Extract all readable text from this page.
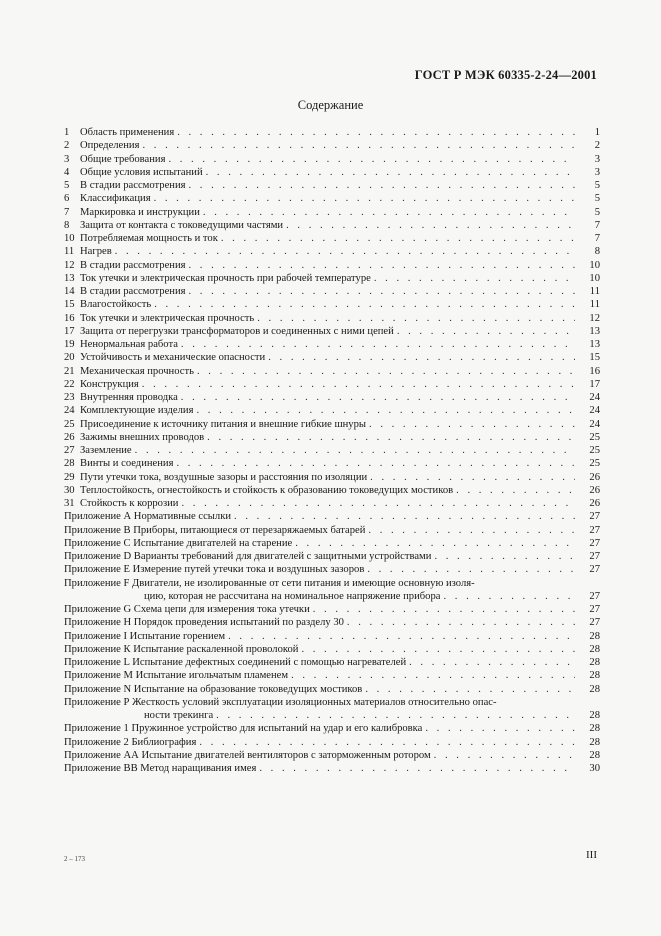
ГОСТ Р МЭК 60335-2-24—2001
Содержание
1 Область применения . . .	1
2 Определения . . .	2
3 Общие требования . . .	3
4 Общие условия испытаний . . .	3
5 В стадии рассмотрения . . .	5
6 Классификация . . .	5
7 Маркировка и инструкции . . .	5
8 Защита от контакта с токоведущими частями . . .	7
10 Потребляемая мощность и ток . . .	7
11 Нагрев . . .	8
12 В стадии рассмотрения . . .	10
13 Ток утечки и электрическая прочность при рабочей температуре . . .	10
14 В стадии рассмотрения . . .	11
15 Влагостойкость . . .	11
16 Ток утечки и электрическая прочность . . .	12
17 Защита от перегрузки трансформаторов и соединенных с ними цепей . . .	13
19 Ненормальная работа . . .	13
20 Устойчивость и механические опасности . . .	15
21 Механическая прочность . . .	16
22 Конструкция . . .	17
23 Внутренняя проводка . . .	24
24 Комплектующие изделия . . .	24
25 Присоединение к источнику питания и внешние гибкие шнуры . . .	24
26 Зажимы внешних проводов . . .	25
27 Заземление . . .	25
28 Винты и соединения . . .	25
29 Пути утечки тока, воздушные зазоры и расстояния по изоляции . . .	26
30 Теплостойкость, огнестойкость и стойкость к образованию токоведущих мостиков . . .	26
31 Стойкость к коррозии . . .	26
Приложение А Нормативные ссылки . . .	27
Приложение В Приборы, питающиеся от перезаряжаемых батарей . . .	27
Приложение С Испытание двигателей на старение . . .	27
Приложение D Варианты требований для двигателей с защитными устройствами . . .	27
Приложение Е Измерение путей утечки тока и воздушных зазоров . . .	27
Приложение F Двигатели, не изолированные от сети питания и имеющие основную изоля-
цию, которая не рассчитана на номинальное напряжение прибора . . .	27
Приложение G Схема цепи для измерения тока утечки . . .	27
Приложение Н Порядок проведения испытаний по разделу 30 . . .	27
Приложение I Испытание горением . . .	28
Приложение К Испытание раскаленной проволокой . . .	28
Приложение L Испытание дефектных соединений с помощью нагревателей . . .	28
Приложение М Испытание игольчатым пламенем . . .	28
Приложение N Испытание на образование токоведущих мостиков . . .	28
Приложение Р Жесткость условий эксплуатации изоляционных материалов относительно опас-
ности трекинга . . .	28
Приложение 1 Пружинное устройство для испытаний на удар и его калибровка . . .	28
Приложение 2 Библиография . . .	28
Приложение АА Испытание двигателей вентиляторов с заторможенным ротором . . .	28
Приложение ВВ Метод наращивания имея . . .	30
2 – 173	III
